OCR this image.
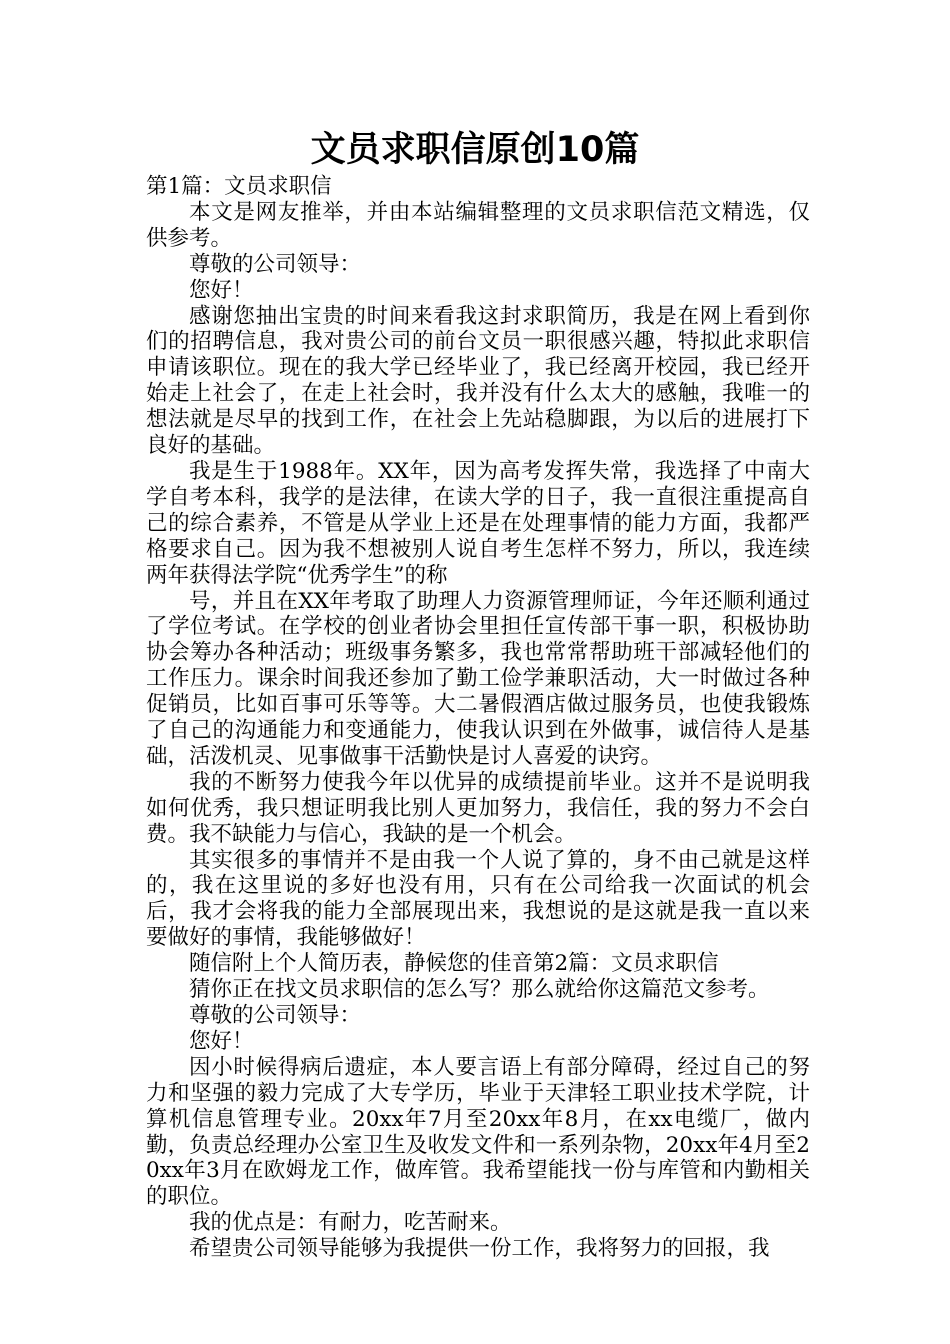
文员求职信原创10篇

第1篇：文员求职信

本文是网友推举，并由本站编辑整理的文员求职信范文精选，仅供参考。

尊敬的公司领导：

您好！

感谢您抽出宝贵的时间来看我这封求职简历，我是在网上看到你们的招聘信息，我对贵公司的前台文员一职很感兴趣，特拟此求职信申请该职位。现在的我大学已经毕业了，我已经离开校园，我已经开始走上社会了，在走上社会时，我并没有什么太大的感触，我唯一的想法就是尽早的找到工作，在社会上先站稳脚跟，为以后的进展打下良好的基础。

我是生于1988年。XX年，因为高考发挥失常，我选择了中南大学自考本科，我学的是法律，在读大学的日子，我一直很注重提高自己的综合素养，不管是从学业上还是在处理事情的能力方面，我都严格要求自己。因为我不想被别人说自考生怎样不努力，所以，我连续两年获得法学院“优秀学生”的称

号，并且在XX年考取了助理人力资源管理师证，今年还顺利通过了学位考试。在学校的创业者协会里担任宣传部干事一职，积极协助协会筹办各种活动；班级事务繁多，我也常常帮助班干部减轻他们的工作压力。课余时间我还参加了勤工俭学兼职活动，大一时做过各种促销员，比如百事可乐等等。大二暑假酒店做过服务员，也使我锻炼了自己的沟通能力和变通能力，使我认识到在外做事，诚信待人是基础，活泼机灵、见事做事干活勤快是讨人喜爱的诀窍。

我的不断努力使我今年以优异的成绩提前毕业。这并不是说明我如何优秀，我只想证明我比别人更加努力，我信任，我的努力不会白费。我不缺能力与信心，我缺的是一个机会。

其实很多的事情并不是由我一个人说了算的，身不由己就是这样的，我在这里说的多好也没有用，只有在公司给我一次面试的机会后，我才会将我的能力全部展现出来，我想说的是这就是我一直以来要做好的事情，我能够做好！

随信附上个人简历表，静候您的佳音第2篇：文员求职信

猜你正在找文员求职信的怎么写？那么就给你这篇范文参考。

尊敬的公司领导：

您好！

因小时候得病后遗症，本人要言语上有部分障碍，经过自己的努力和坚强的毅力完成了大专学历，毕业于天津轻工职业技术学院，计算机信息管理专业。20xx年7月至20xx年8月，在xx电缆厂，做内勤，负责总经理办公室卫生及收发文件和一系列杂物，20xx年4月至20xx年3月在欧姆龙工作，做库管。我希望能找一份与库管和内勤相关的职位。

我的优点是：有耐力，吃苦耐来。

希望贵公司领导能够为我提供一份工作，我将努力的回报，我
